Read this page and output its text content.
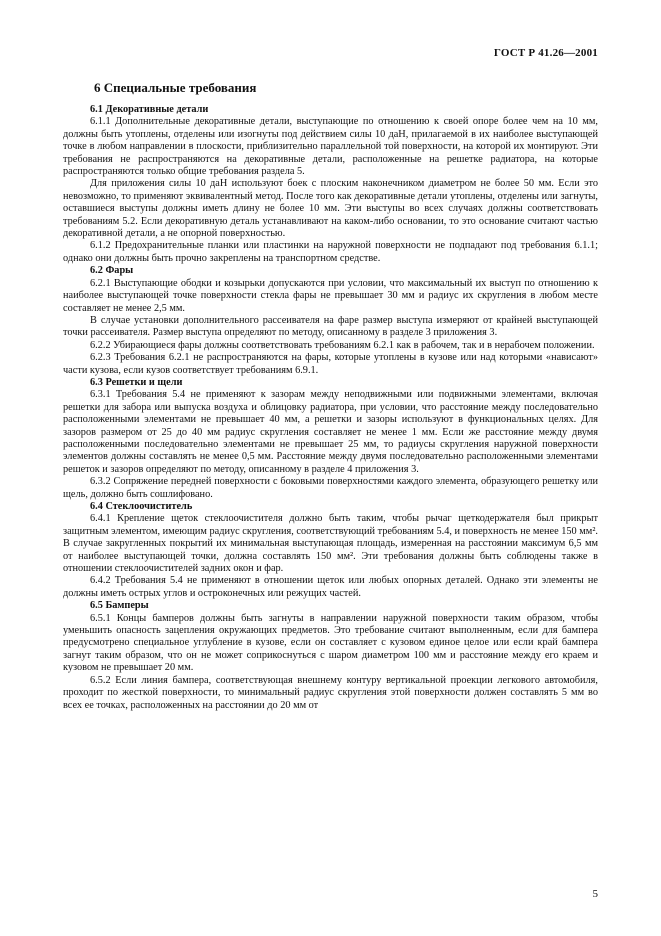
ГОСТ Р 41.26—2001
6 Специальные требования
6.1 Декоративные детали

6.1.1 Дополнительные декоративные детали, выступающие по отношению к своей опоре более чем на 10 мм, должны быть утоплены, отделены или изогнуты под действием силы 10 даН, прилагаемой в их наиболее выступающей точке в любом направлении в плоскости, приблизительно параллельной той поверхности, на которой их монтируют. Эти требования не распространяются на декоративные детали, расположенные на решетке радиатора, на которые распространяются только общие требования раздела 5.

Для приложения силы 10 даН используют боек с плоским наконечником диаметром не более 50 мм. Если это невозможно, то применяют эквивалентный метод. После того как декоративные детали утоплены, отделены или загнуты, оставшиеся выступы должны иметь длину не более 10 мм. Эти выступы во всех случаях должны соответствовать требованиям 5.2. Если декоративную деталь устанавливают на каком-либо основании, то это основание считают частью декоративной детали, а не опорной поверхностью.

6.1.2 Предохранительные планки или пластинки на наружной поверхности не подпадают под требования 6.1.1; однако они должны быть прочно закреплены на транспортном средстве.

6.2 Фары

6.2.1 Выступающие ободки и козырьки допускаются при условии, что максимальный их выступ по отношению к наиболее выступающей точке поверхности стекла фары не превышает 30 мм и радиус их скругления в любом месте составляет не менее 2,5 мм.

В случае установки дополнительного рассеивателя на фаре размер выступа измеряют от крайней выступающей точки рассеивателя. Размер выступа определяют по методу, описанному в разделе 3 приложения 3.

6.2.2 Убирающиеся фары должны соответствовать требованиям 6.2.1 как в рабочем, так и в нерабочем положении.

6.2.3 Требования 6.2.1 не распространяются на фары, которые утоплены в кузове или над которыми «нависают» части кузова, если кузов соответствует требованиям 6.9.1.

6.3 Решетки и щели

6.3.1 Требования 5.4 не применяют к зазорам между неподвижными или подвижными элементами, включая решетки для забора или выпуска воздуха и облицовку радиатора, при условии, что расстояние между последовательно расположенными элементами не превышает 40 мм, а решетки и зазоры используют в функциональных целях. Для зазоров размером от 25 до 40 мм радиус скругления составляет не менее 1 мм. Если же расстояние между двумя расположенными последовательно элементами не превышает 25 мм, то радиусы скругления наружной поверхности элементов должны составлять не менее 0,5 мм. Расстояние между двумя последовательно расположенными элементами решеток и зазоров определяют по методу, описанному в разделе 4 приложения 3.

6.3.2 Сопряжение передней поверхности с боковыми поверхностями каждого элемента, образующего решетку или щель, должно быть сошлифовано.

6.4 Стеклоочиститель

6.4.1 Крепление щеток стеклоочистителя должно быть таким, чтобы рычаг щеткодержателя был прикрыт защитным элементом, имеющим радиус скругления, соответствующий требованиям 5.4, и поверхность не менее 150 мм². В случае закругленных покрытий их минимальная выступающая площадь, измеренная на расстоянии максимум 6,5 мм от наиболее выступающей точки, должна составлять 150 мм². Эти требования должны быть соблюдены также в отношении стеклоочистителей задних окон и фар.

6.4.2 Требования 5.4 не применяют в отношении щеток или любых опорных деталей. Однако эти элементы не должны иметь острых углов и остроконечных или режущих частей.

6.5 Бамперы

6.5.1 Концы бамперов должны быть загнуты в направлении наружной поверхности таким образом, чтобы уменьшить опасность зацепления окружающих предметов. Это требование считают выполненным, если для бампера предусмотрено специальное углубление в кузове, если он составляет с кузовом единое целое или если край бампера загнут таким образом, что он не может соприкоснуться с шаром диаметром 100 мм и расстояние между его краем и кузовом не превышает 20 мм.

6.5.2 Если линия бампера, соответствующая внешнему контуру вертикальной проекции легкового автомобиля, проходит по жесткой поверхности, то минимальный радиус скругления этой поверхности должен составлять 5 мм во всех ее точках, расположенных на расстоянии до 20 мм от

5
